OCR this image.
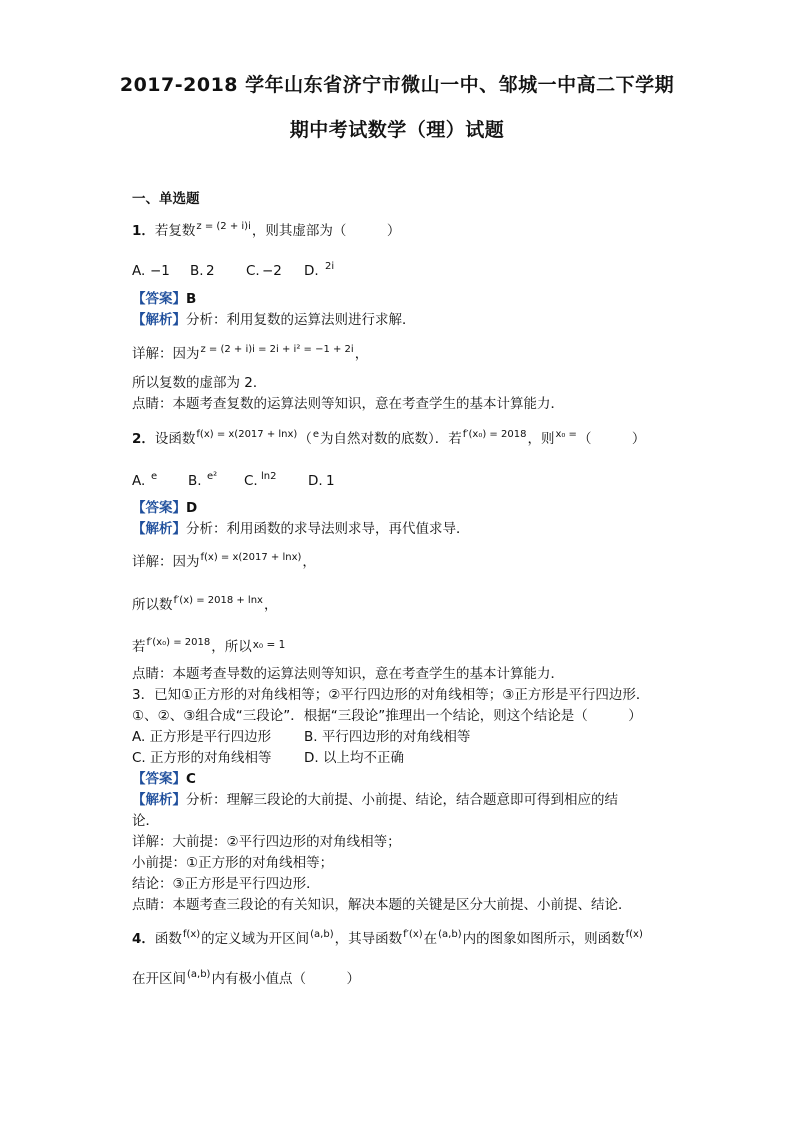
2017-2018 学年山东省济宁市微山一中、邹城一中高二下学期
期中考试数学（理）试题
一、单选题
1．若复数$^{z = (2 + i)i}$，则其虚部为（　　　）
A. −1 B. 2 C. −2 D. $^{2i}$
【答案】B
【解析】分析：利用复数的运算法则进行求解．
详解：因为$^{z = (2 + i)i = 2i + i^2 = -1 + 2i}$，
所以复数的虚部为 2．
点睛：本题考查复数的运算法则等知识，意在考查学生的基本计算能力．
2．设函数$^{f(x) = x(2017 + lnx)}$（$^e$为自然对数的底数）．若$^{f'(x_0) = 2018}$，则$^{x_0 =}$（　　　）
A. e B. e² C. ln2 D. 1
【答案】D
【解析】分析：利用函数的求导法则求导，再代值求导．
详解：因为$^{f(x) = x(2017 + lnx)}$，
所以数$^{f'(x) = 2018 + lnx}$，
若$^{f'(x_0) = 2018}$，所以$^{x_0 = 1}$
点睛：本题考查导数的运算法则等知识，意在考查学生的基本计算能力．
3．已知①正方形的对角线相等；②平行四边形的对角线相等；③正方形是平行四边形．
①、②、③组合成“三段论”．根据“三段论”推理出一个结论，则这个结论是（　　　）
A. 正方形是平行四边形 B. 平行四边形的对角线相等
C. 正方形的对角线相等 D. 以上均不正确
【答案】C
【解析】分析：理解三段论的大前提、小前提、结论，结合题意即可得到相应的结
论．
详解：大前提：②平行四边形的对角线相等；
小前提：①正方形的对角线相等；
结论：③正方形是平行四边形．
点睛：本题考查三段论的有关知识，解决本题的关键是区分大前提、小前提、结论．
4．函数$^{f(x)}$的定义域为开区间$^{(a,b)}$，其导函数$^{f'(x)}$在$^{(a,b)}$内的图象如图所示，则函数$^{f(x)}$
在开区间$^{(a,b)}$内有极小值点（　　　）
